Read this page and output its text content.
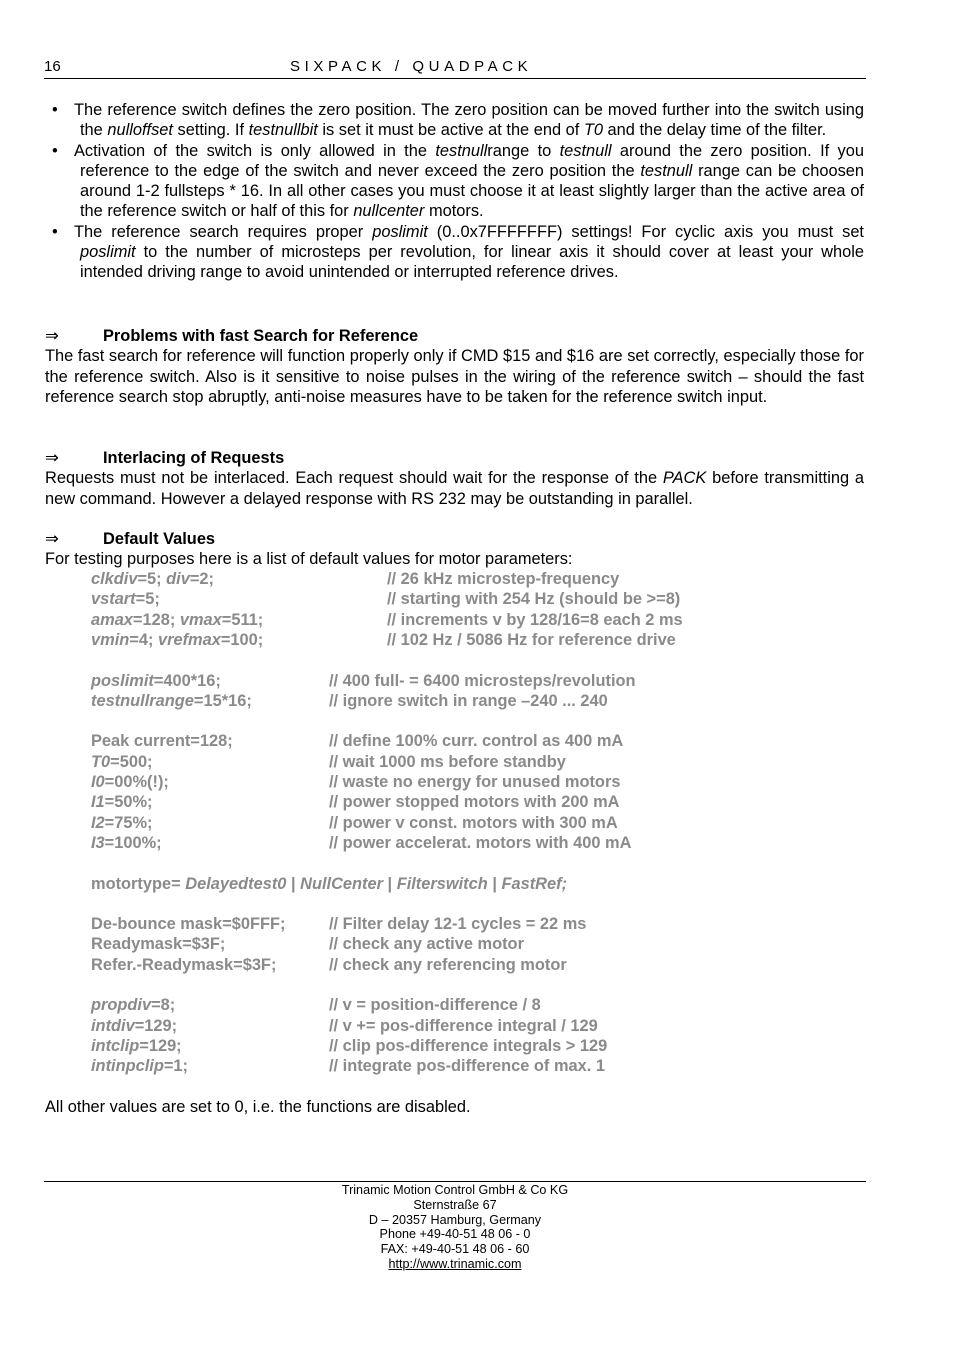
16	SIXPACK / QUADPACK
• The reference switch defines the zero position. The zero position can be moved further into the switch using the nulloffset setting. If testnullbit is set it must be active at the end of T0 and the delay time of the filter.
• Activation of the switch is only allowed in the testnullrange to testnull around the zero position. If you reference to the edge of the switch and never exceed the zero position the testnull range can be choosen around 1-2 fullsteps * 16. In all other cases you must choose it at least slightly larger than the active area of the reference switch or half of this for nullcenter motors.
• The reference search requires proper poslimit (0..0x7FFFFFFF) settings! For cyclic axis you must set poslimit to the number of microsteps per revolution, for linear axis it should cover at least your whole intended driving range to avoid unintended or interrupted reference drives.
⇒	Problems with fast Search for Reference
The fast search for reference will function properly only if CMD $15 and $16 are set correctly, especially those for the reference switch. Also is it sensitive to noise pulses in the wiring of the reference switch – should the fast reference search stop abruptly, anti-noise measures have to be taken for the reference switch input.
⇒	Interlacing of Requests
Requests must not be interlaced. Each request should wait for the response of the PACK before transmitting a new command. However a delayed response with RS 232 may be outstanding in parallel.
⇒	Default Values
For testing purposes here is a list of default values for motor parameters:
clkdiv=5; div=2;	// 26 kHz microstep-frequency
vstart=5;	// starting with 254 Hz (should be >=8)
amax=128; vmax=511;	// increments v by 128/16=8 each 2 ms
vmin=4; vrefmax=100;	// 102 Hz / 5086 Hz for reference drive
poslimit=400*16;	// 400 full- = 6400 microsteps/revolution
testnullrange=15*16;	// ignore switch in range –240 ... 240
Peak current=128;	// define 100% curr. control as 400 mA
T0=500;	// wait 1000 ms before standby
I0=00%(!);	// waste no energy for unused motors
I1=50%;	// power stopped motors with 200 mA
I2=75%;	// power v const. motors with 300 mA
I3=100%;	// power accelerat. motors with 400 mA
motortype= Delayedtest0 | NullCenter | Filterswitch | FastRef;
De-bounce mask=$0FFF;	// Filter delay 12-1 cycles = 22 ms
Readymask=$3F;	// check any active motor
Refer.-Readymask=$3F;	// check any referencing motor
propdiv=8;	// v = position-difference / 8
intdiv=129;	// v += pos-difference integral / 129
intclip=129;	// clip pos-difference integrals > 129
intinpclip=1;	// integrate pos-difference of max. 1
All other values are set to 0, i.e. the functions are disabled.
Trinamic Motion Control GmbH & Co KG
Sternstraße 67
D – 20357 Hamburg, Germany
Phone +49-40-51 48 06 - 0
FAX: +49-40-51 48 06 - 60
http://www.trinamic.com
